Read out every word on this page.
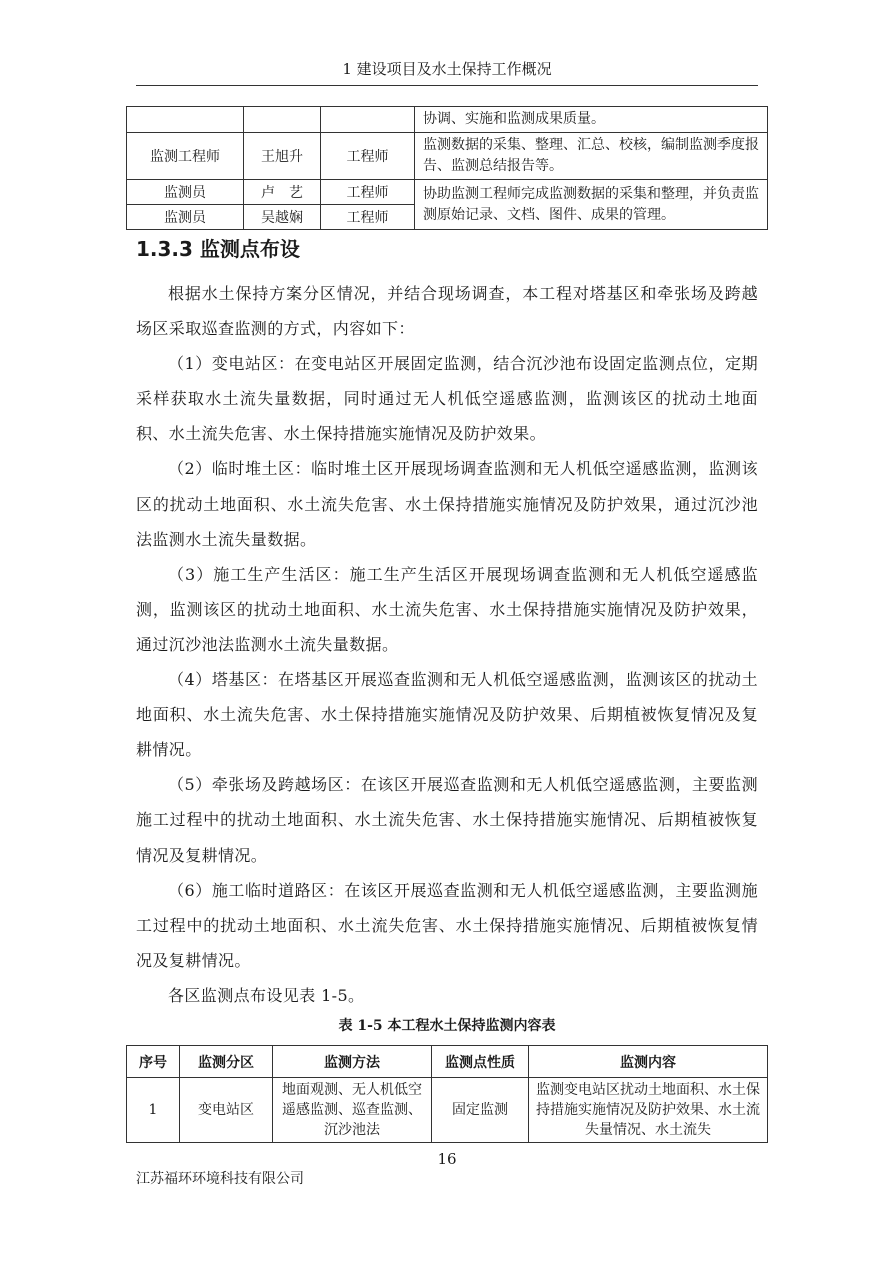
1 建设项目及水土保持工作概况
			协调、实施和监测成果质量。
监测工程师	王旭升	工程师	监测数据的采集、整理、汇总、校核，编制监测季度报告、监测总结报告等。
监测员	卢　艺	工程师	协助监测工程师完成监测数据的采集和整理，并负责监测原始记录、文档、图件、成果的管理。
监测员	吴越娴	工程师	
1.3.3 监测点布设

根据水土保持方案分区情况，并结合现场调查，本工程对塔基区和牵张场及跨越场区采取巡查监测的方式，内容如下：

（1）变电站区：在变电站区开展固定监测，结合沉沙池布设固定监测点位，定期采样获取水土流失量数据，同时通过无人机低空遥感监测，监测该区的扰动土地面积、水土流失危害、水土保持措施实施情况及防护效果。

（2）临时堆土区：临时堆土区开展现场调查监测和无人机低空遥感监测，监测该区的扰动土地面积、水土流失危害、水土保持措施实施情况及防护效果，通过沉沙池法监测水土流失量数据。

（3）施工生产生活区：施工生产生活区开展现场调查监测和无人机低空遥感监测，监测该区的扰动土地面积、水土流失危害、水土保持措施实施情况及防护效果，通过沉沙池法监测水土流失量数据。

（4）塔基区：在塔基区开展巡查监测和无人机低空遥感监测，监测该区的扰动土地面积、水土流失危害、水土保持措施实施情况及防护效果、后期植被恢复情况及复耕情况。

（5）牵张场及跨越场区：在该区开展巡查监测和无人机低空遥感监测，主要监测施工过程中的扰动土地面积、水土流失危害、水土保持措施实施情况、后期植被恢复情况及复耕情况。

（6）施工临时道路区：在该区开展巡查监测和无人机低空遥感监测，主要监测施工过程中的扰动土地面积、水土流失危害、水土保持措施实施情况、后期植被恢复情况及复耕情况。

各区监测点布设见表 1-5。

表 1-5 本工程水土保持监测内容表
序号	监测分区	监测方法	监测点性质	监测内容
1	变电站区	地面观测、无人机低空遥感监测、巡查监测、沉沙池法	固定监测	监测变电站区扰动土地面积、水土保持措施实施情况及防护效果、水土流失量情况、水土流失
16
江苏福环环境科技有限公司
